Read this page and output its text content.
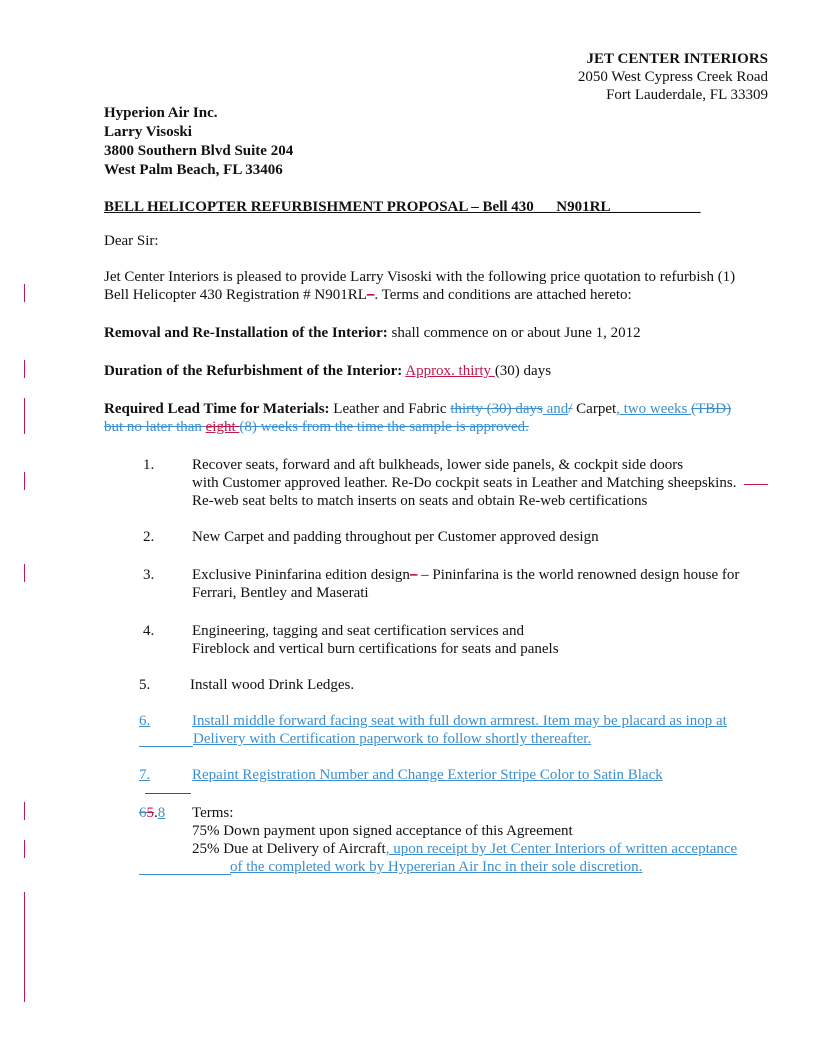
JET CENTER INTERIORS
2050 West Cypress Creek Road
Fort Lauderdale, FL 33309
Hyperion Air Inc.
Larry Visoski
3800 Southern Blvd Suite 204
West Palm Beach, FL 33406
BELL HELICOPTER REFURBISHMENT PROPOSAL – Bell 430___N901RL____________
Dear Sir:
Jet Center Interiors is pleased to provide Larry Visoski with the following price quotation to refurbish (1)
Bell Helicopter 430 Registration # N901RL–. Terms and conditions are attached hereto:
Removal and Re-Installation of the Interior: shall commence on or about June 1, 2012
Duration of the Refurbishment of the Interior: Approx. thirty (30) days
Required Lead Time for Materials: Leather and Fabric thirty (30) days and/ Carpet, two weeks (TBD)
but no later than eight (8) weeks from the time the sample is approved.
1.	Recover seats, forward and aft bulkheads, lower side panels, & cockpit side doors
with Customer approved leather. Re-Do cockpit seats in Leather and Matching sheepskins.
Re-web seat belts to match inserts on seats and obtain Re-web certifications
2.	New Carpet and padding throughout per Customer approved design
3.	Exclusive Pininfarina edition design– – Pininfarina is the world renowned design house for
Ferrari, Bentley and Maserati
4.	Engineering, tagging and seat certification services and
Fireblock and vertical burn certifications for seats and panels
5.	Install wood Drink Ledges.
6.	Install middle forward facing seat with full down armrest. Item may be placard as inop at
Delivery with Certification paperwork to follow shortly thereafter.
7.	Repaint Registration Number and Change Exterior Stripe Color to Satin Black
65.8 Terms:
75% Down payment upon signed acceptance of this Agreement
25% Due at Delivery of Aircraft, upon receipt by Jet Center Interiors of written acceptance
of the completed work by Hypererian Air Inc in their sole discretion.
